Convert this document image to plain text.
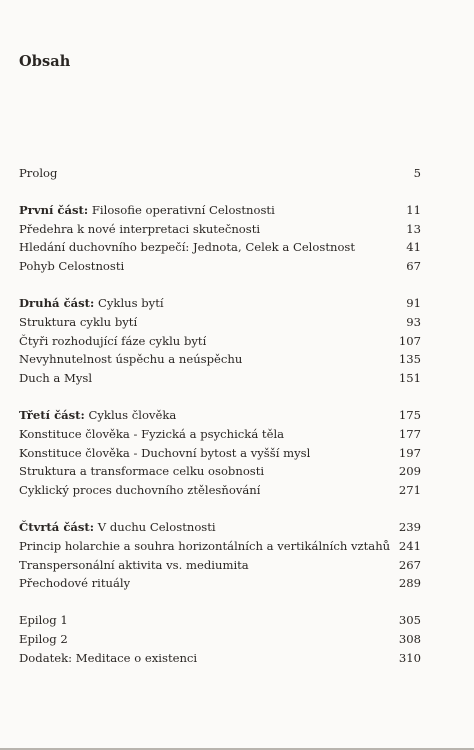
Obsah
Prolog	5
První část: Filosofie operativní Celostnosti	11
Předehra k nové interpretaci skutečnosti	13
Hledání duchovního bezpečí: Jednota, Celek a Celostnost	41
Pohyb Celostnosti	67
Druhá část: Cyklus bytí	91
Struktura cyklu bytí	93
Čtyři rozhodující fáze cyklu bytí	107
Nevyhnutelnost úspěchu a neúspěchu	135
Duch a Mysl	151
Třetí část: Cyklus člověka	175
Konstituce člověka - Fyzická a psychická těla	177
Konstituce člověka - Duchovní bytost a vyšší mysl	197
Struktura a transformace celku osobnosti	209
Cyklický proces duchovního ztělesňování	271
Čtvrtá část: V duchu Celostnosti	239
Princip holarchie a souhra horizontálních a vertikálních vztahů 241
Transpersonální aktivita vs. mediumita	267
Přechodové rituály	289
Epilog 1	305
Epilog 2	308
Dodatek: Meditace o existenci	310
